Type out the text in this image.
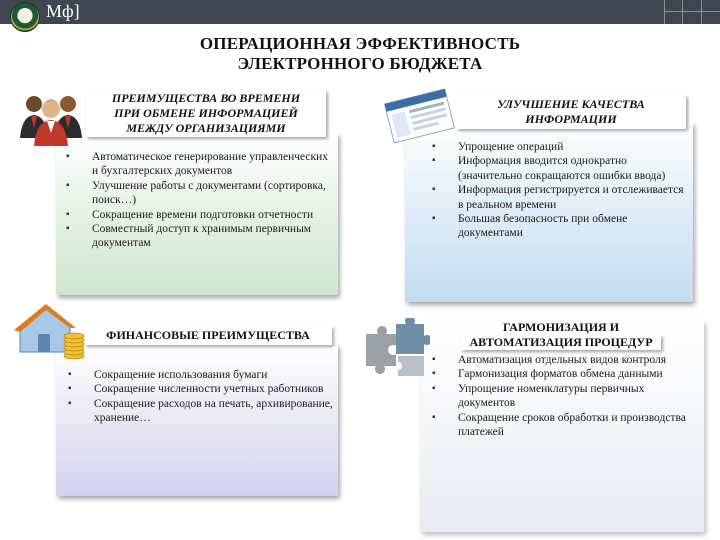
Мф]
ОПЕРАЦИОННАЯ ЭФФЕКТИВНОСТЬ
ЭЛЕКТРОННОГО БЮДЖЕТА
ПРЕИМУЩЕСТВА ВО ВРЕМЕНИ
ПРИ ОБМЕНЕ ИНФОРМАЦИЕЙ
МЕЖДУ ОРГАНИЗАЦИЯМИ
▪ Автоматическое генерирование управленческих и бухгалтерских документов
▪ Улучшение работы с документами (сортировка, поиск…)
▪ Сокращение времени подготовки отчетности
▪ Совместный доступ к хранимым первичным документам
УЛУЧШЕНИЕ КАЧЕСТВА
ИНФОРМАЦИИ
▪ Упрощение операций
▪ Информация вводится однократно (значительно сокращаются ошибки ввода)
▪ Информация регистрируется и отслеживается в реальном времени
▪ Большая безопасность при обмене документами
ФИНАНСОВЫЕ ПРЕИМУЩЕСТВА
▪ Сокращение использования бумаги
▪ Сокращение численности учетных работников
▪ Сокращение расходов на печать, архивирование, хранение…
ГАРМОНИЗАЦИЯ И
АВТОМАТИЗАЦИЯ ПРОЦЕДУР
▪ Автоматизация отдельных видов контроля
▪ Гармонизация форматов обмена данными
▪ Упрощение номенклатуры первичных документов
▪ Сокращение сроков обработки и производства платежей
